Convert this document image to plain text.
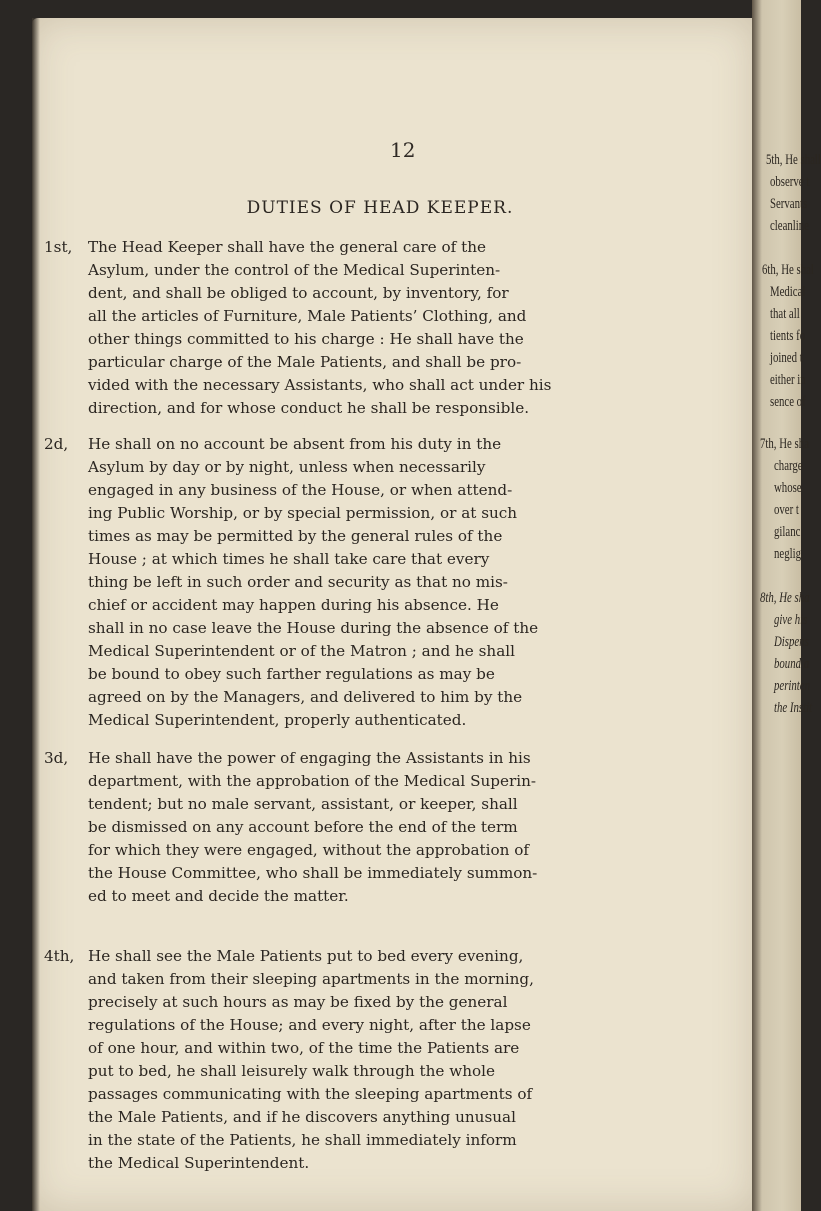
5th, He shall
observe t
Servants
cleanline
6th, He shal
Medical
that all
tients fo
joined t
either in
sence of
7th, He sha
charge
whose
over t
gilanc
neglig
8th, He sha
give his
Dispens
bound a
perinten
the Instit
12
DUTIES OF HEAD KEEPER.
1st, The Head Keeper shall have the general care of the
Asylum, under the control of the Medical Superinten-
dent, and shall be obliged to account, by inventory, for
all the articles of Furniture, Male Patients’ Clothing, and
other things committed to his charge : He shall have the
particular charge of the Male Patients, and shall be pro-
vided with the necessary Assistants, who shall act under his
direction, and for whose conduct he shall be responsible.
2d, He shall on no account be absent from his duty in the
Asylum by day or by night, unless when necessarily
engaged in any business of the House, or when attend-
ing Public Worship, or by special permission, or at such
times as may be permitted by the general rules of the
House ; at which times he shall take care that every
thing be left in such order and security as that no mis-
chief or accident may happen during his absence. He
shall in no case leave the House during the absence of the
Medical Superintendent or of the Matron ; and he shall
be bound to obey such farther regulations as may be
agreed on by the Managers, and delivered to him by the
Medical Superintendent, properly authenticated.
3d, He shall have the power of engaging the Assistants in his
department, with the approbation of the Medical Superin-
tendent; but no male servant, assistant, or keeper, shall
be dismissed on any account before the end of the term
for which they were engaged, without the approbation of
the House Committee, who shall be immediately summon-
ed to meet and decide the matter.
4th, He shall see the Male Patients put to bed every evening,
and taken from their sleeping apartments in the morning,
precisely at such hours as may be fixed by the general
regulations of the House; and every night, after the lapse
of one hour, and within two, of the time the Patients are
put to bed, he shall leisurely walk through the whole
passages communicating with the sleeping apartments of
the Male Patients, and if he discovers anything unusual
in the state of the Patients, he shall immediately inform
the Medical Superintendent.
